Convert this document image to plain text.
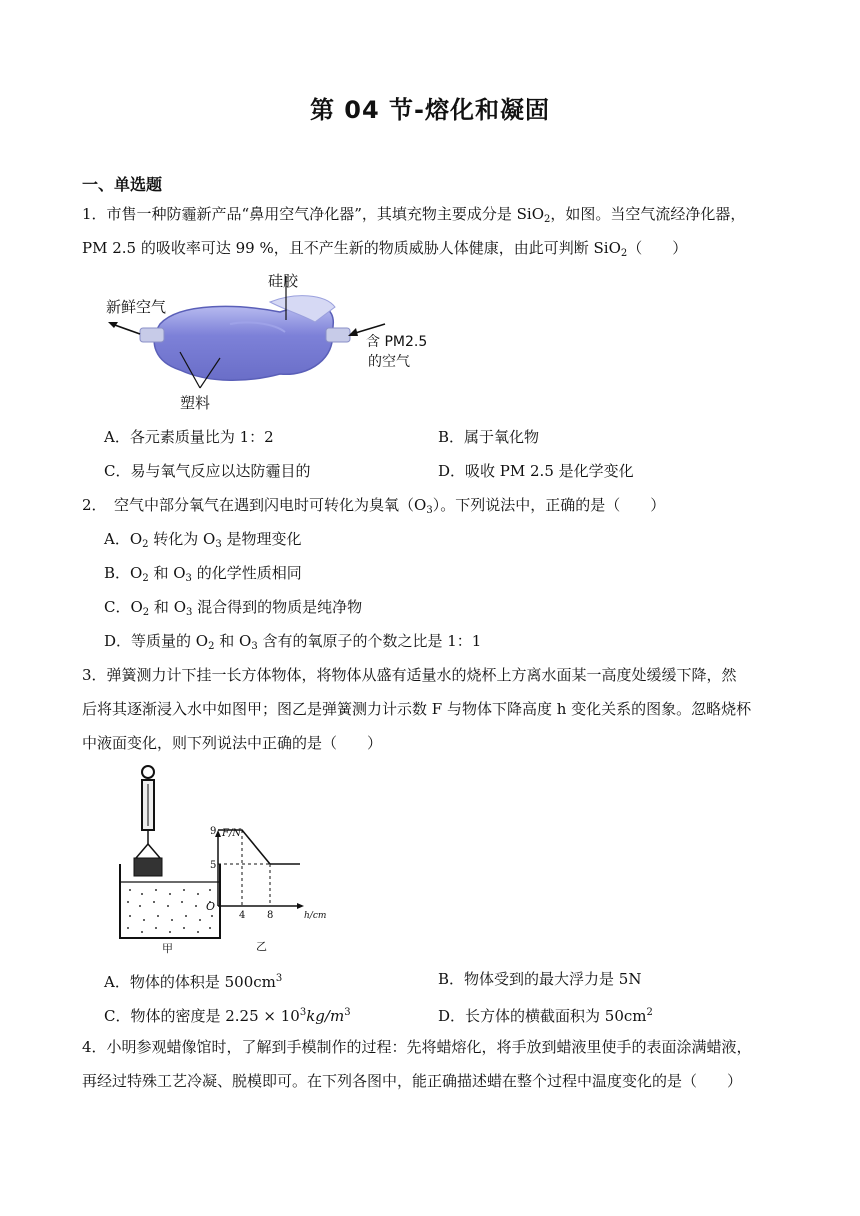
第 04 节-熔化和凝固
一、单选题
1．市售一种防霾新产品“鼻用空气净化器”，其填充物主要成分是 SiO$_2$，如图。当空气流经净化器，
PM 2.5 的吸收率可达 99 %，且不产生新的物质威胁人体健康，由此可判断 SiO$_2$（　　）
硅胶
新鲜空气
含 PM2.5
的空气
塑料
A．各元素质量比为 1：2	B．属于氧化物
C．易与氧气反应以达防霾目的	D．吸收 PM 2.5 是化学变化
2．　空气中部分氧气在遇到闪电时可转化为臭氧$(O_3)$。下列说法中，正确的是（　　）
A．$O_2$ 转化为 $O_3$ 是物理变化
B．$O_2$ 和 $O_3$ 的化学性质相同
C．$O_2$ 和 $O_3$ 混合得到的物质是纯净物
D．等质量的 $O_2$ 和 $O_3$ 含有的氧原子的个数之比是 1：1
3．弹簧测力计下挂一长方体物体，将物体从盛有适量水的烧杯上方离水面某一高度处缓缓下降，然
后将其逐渐浸入水中如图甲；图乙是弹簧测力计示数 F 与物体下降高度 h 变化关系的图象。忽略烧杯
中液面变化，则下列说法中正确的是（　　）
甲
F/N
h/cm
O
9
5
4 8
乙
A．物体的体积是 $500cm^3$	B．物体受到的最大浮力是 5N
C．物体的密度是 $2.25 \times 10^3kg/m^3$	D．长方体的横截面积为 $50cm^2$
4．小明参观蜡像馆时，了解到手模制作的过程：先将蜡熔化，将手放到蜡液里使手的表面涂满蜡液，
再经过特殊工艺冷凝、脱模即可。在下列各图中，能正确描述蜡在整个过程中温度变化的是（　　）
